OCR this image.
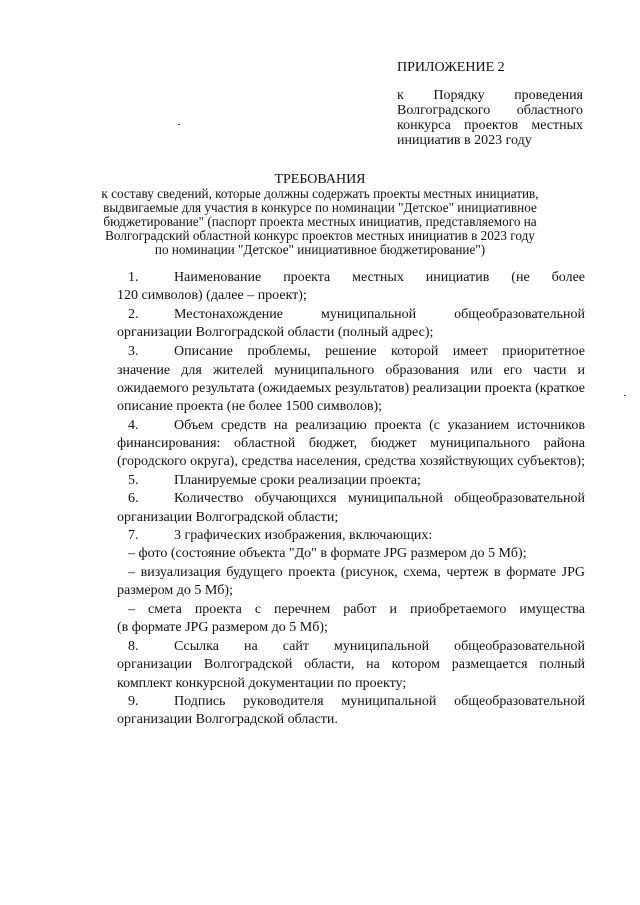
ПРИЛОЖЕНИЕ 2

к Порядку проведения

Волгоградского областного

конкурса проектов местных

инициатив в 2023 году

ТРЕБОВАНИЯ

к составу сведений, которые должны содержать проекты местных инициатив,

выдвигаемые для участия в конкурсе по номинации "Детское" инициативное

бюджетирование" (паспорт проекта местных инициатив, представляемого на

Волгоградский областной конкурс проектов местных инициатив в 2023 году

по номинации "Детское" инициативное бюджетирование")

1.	Наименование проекта местных инициатив (не более

120 символов) (далее – проект);

2.	Местонахождение муниципальной общеобразовательной

организации Волгоградской области (полный адрес);

3.	Описание проблемы, решение которой имеет приоритетное

значение для жителей муниципального образования или его части и

ожидаемого результата (ожидаемых результатов) реализации проекта (краткое

описание проекта (не более 1500 символов);

4.	Объем средств на реализацию проекта (с указанием источников

финансирования: областной бюджет, бюджет муниципального района

(городского округа), средства населения, средства хозяйствующих субъектов);

5.	Планируемые сроки реализации проекта;
6.	Количество обучающихся муниципальной общеобразовательной

организации Волгоградской области;

7.	3 графических изображения, включающих:

– фото (состояние объекта "До" в формате JPG размером до 5 Мб);

– визуализация будущего проекта (рисунок, схема, чертеж в формате JPG

размером до 5 Мб);

– смета проекта с перечнем работ и приобретаемого имущества

(в формате JPG размером до 5 Мб);

8.	Ссылка на сайт муниципальной общеобразовательной

организации Волгоградской области, на котором размещается полный

комплект конкурсной документации по проекту;

9.	Подпись руководителя муниципальной общеобразовательной

организации Волгоградской области.
